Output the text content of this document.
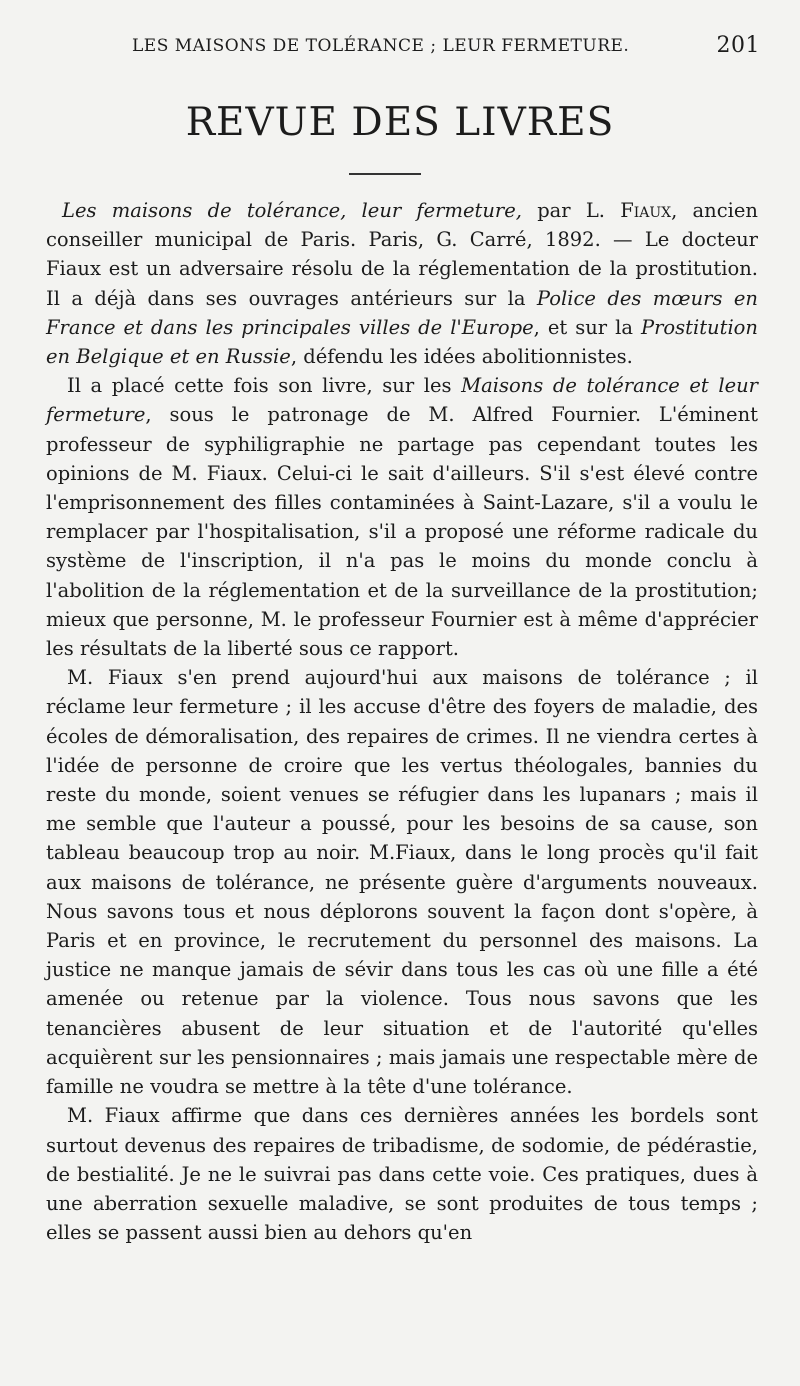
LES MAISONS DE TOLÉRANCE ; LEUR FERMETURE.	201
REVUE DES LIVRES

Les maisons de tolérance, leur fermeture, par L. Fiaux, ancien conseiller municipal de Paris. Paris, G. Carré, 1892. — Le docteur Fiaux est un adversaire résolu de la réglementation de la prostitution. Il a déjà dans ses ouvrages antérieurs sur la Police des mœurs en France et dans les principales villes de l'Europe, et sur la Prostitution en Belgique et en Russie, défendu les idées abolitionnistes.

Il a placé cette fois son livre, sur les Maisons de tolérance et leur fermeture, sous le patronage de M. Alfred Fournier. L'éminent professeur de syphiligraphie ne partage pas cependant toutes les opinions de M. Fiaux. Celui-ci le sait d'ailleurs. S'il s'est élevé contre l'emprisonnement des filles contaminées à Saint-Lazare, s'il a voulu le remplacer par l'hospitalisation, s'il a proposé une réforme radicale du système de l'inscription, il n'a pas le moins du monde conclu à l'abolition de la réglementation et de la surveillance de la prostitution; mieux que personne, M. le professeur Fournier est à même d'apprécier les résultats de la liberté sous ce rapport.

M. Fiaux s'en prend aujourd'hui aux maisons de tolérance ; il réclame leur fermeture ; il les accuse d'être des foyers de maladie, des écoles de démoralisation, des repaires de crimes. Il ne viendra certes à l'idée de personne de croire que les vertus théologales, bannies du reste du monde, soient venues se réfugier dans les lupanars ; mais il me semble que l'auteur a poussé, pour les besoins de sa cause, son tableau beaucoup trop au noir. M.Fiaux, dans le long procès qu'il fait aux maisons de tolérance, ne présente guère d'arguments nouveaux. Nous savons tous et nous déplorons souvent la façon dont s'opère, à Paris et en province, le recrutement du personnel des maisons. La justice ne manque jamais de sévir dans tous les cas où une fille a été amenée ou retenue par la violence. Tous nous savons que les tenancières abusent de leur situation et de l'autorité qu'elles acquièrent sur les pensionnaires ; mais jamais une respectable mère de famille ne voudra se mettre à la tête d'une tolérance.

M. Fiaux affirme que dans ces dernières années les bordels sont surtout devenus des repaires de tribadisme, de sodomie, de pédérastie, de bestialité. Je ne le suivrai pas dans cette voie. Ces pratiques, dues à une aberration sexuelle maladive, se sont produites de tous temps ; elles se passent aussi bien au dehors qu'en
